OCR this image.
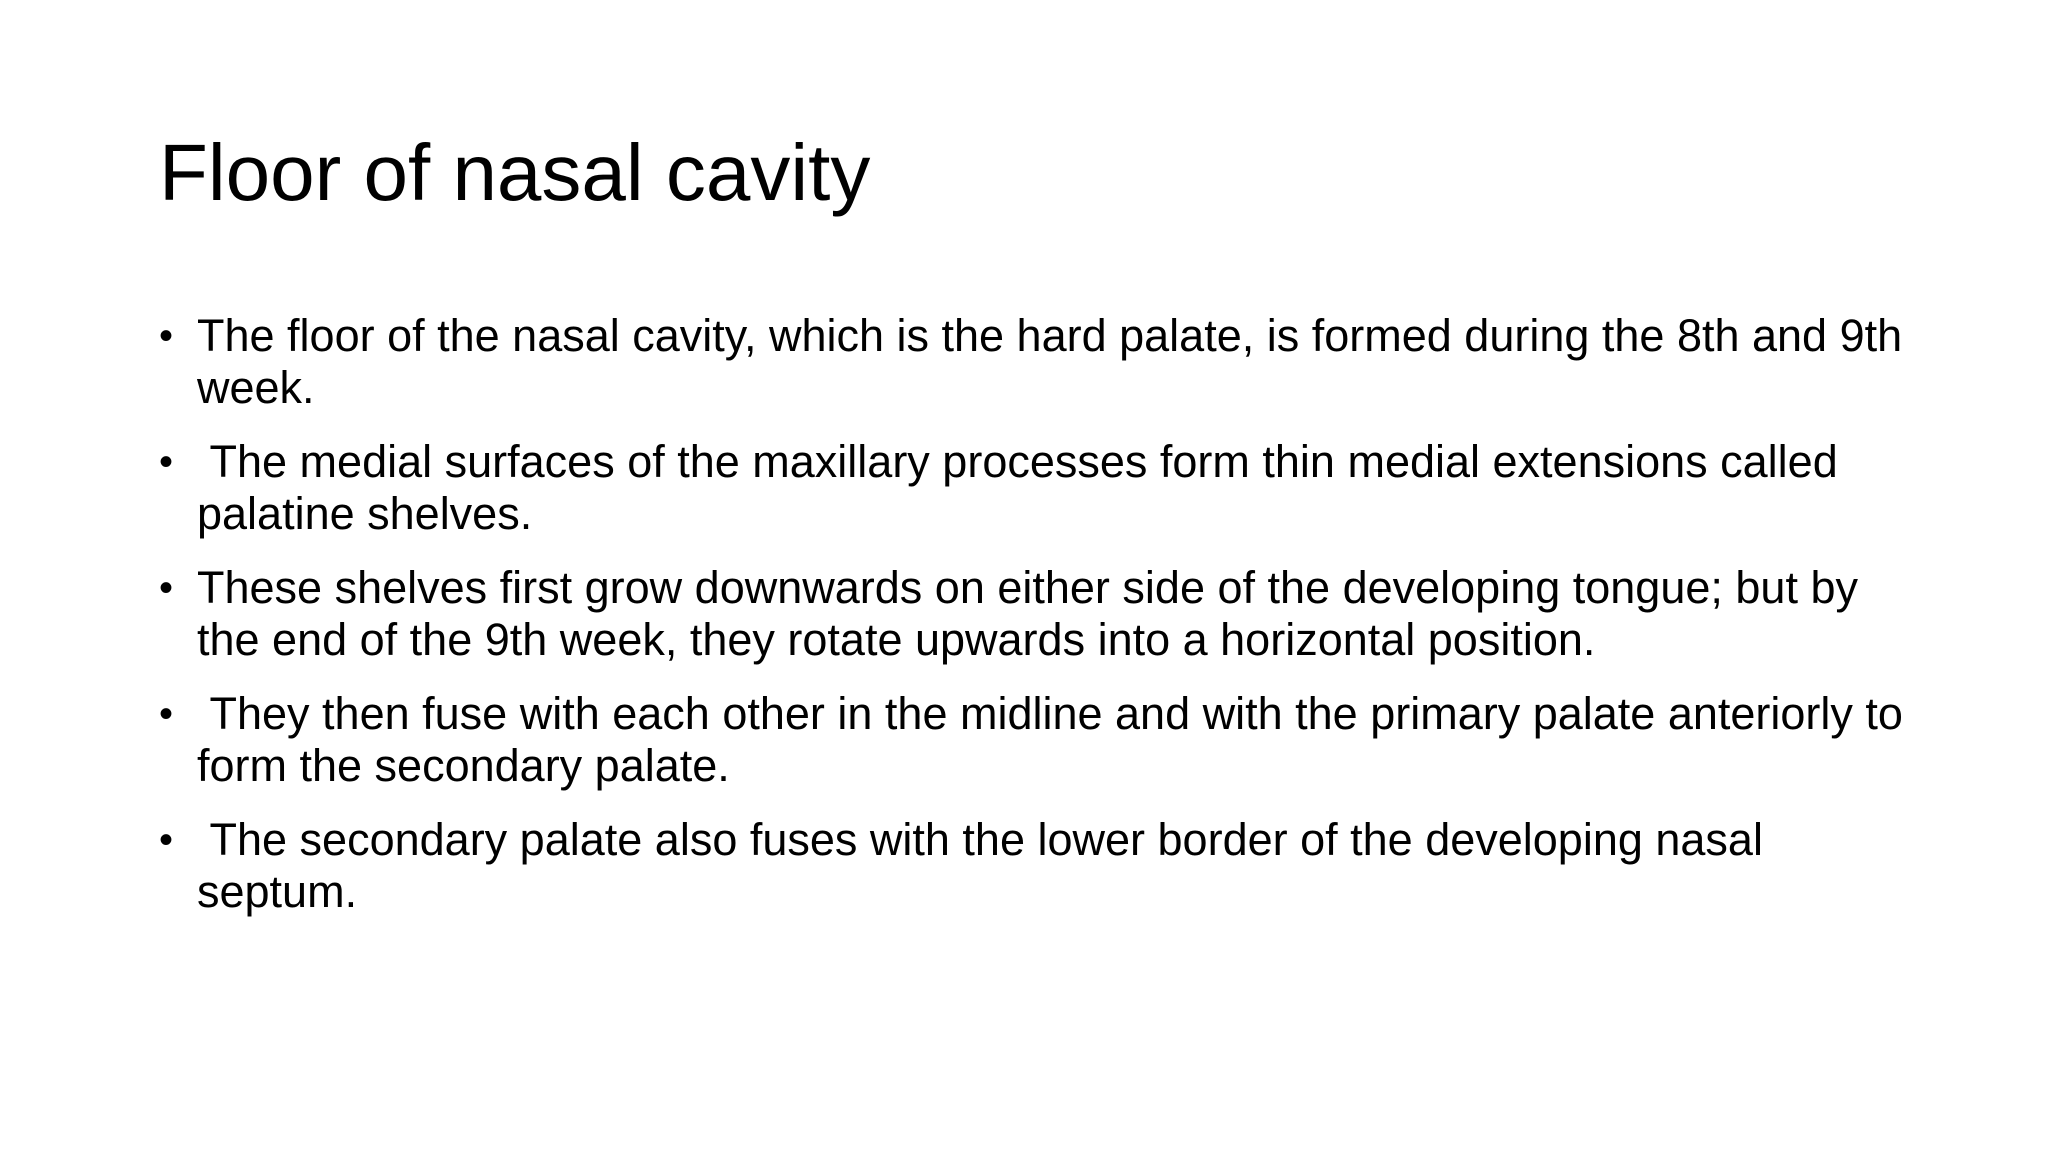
Floor of nasal cavity
• The floor of the nasal cavity, which is the hard palate, is formed during the 8th and 9th week.
• The medial surfaces of the maxillary processes form thin medial extensions called palatine shelves.
• These shelves first grow downwards on either side of the developing tongue; but by the end of the 9th week, they rotate upwards into a horizontal position.
• They then fuse with each other in the midline and with the primary palate anteriorly to form the secondary palate.
• The secondary palate also fuses with the lower border of the developing nasal septum.
